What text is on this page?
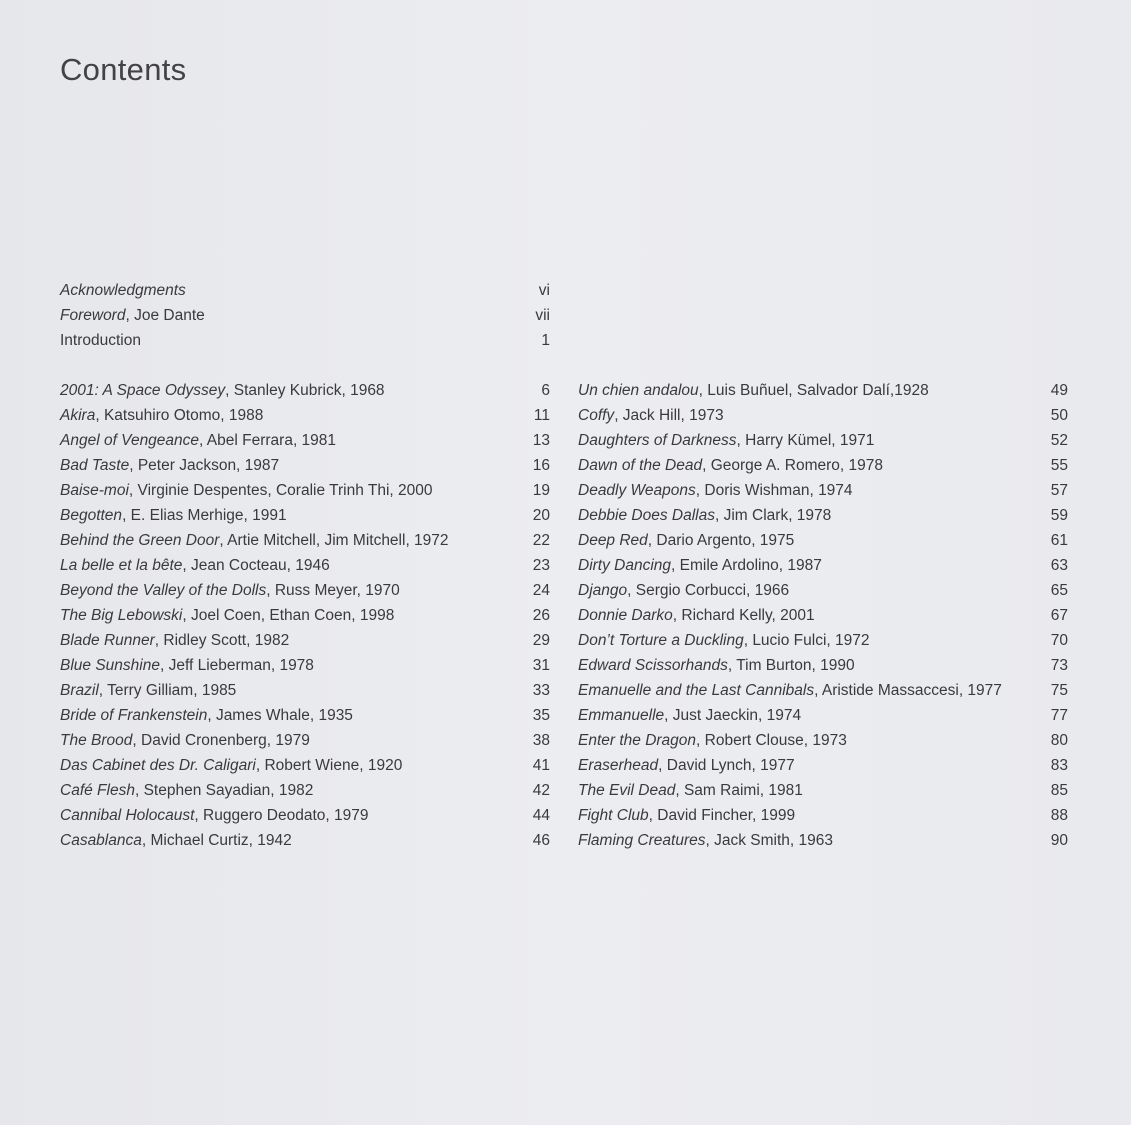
Contents
Acknowledgments	vi
Foreword , Joe Dante	vii
Introduction	1
2001: A Space Odyssey , Stanley Kubrick, 1968	6
Akira , Katsuhiro Otomo, 1988	11
Angel of Vengeance , Abel Ferrara, 1981	13
Bad Taste , Peter Jackson, 1987	16
Baise-moi , Virginie Despentes, Coralie Trinh Thi, 2000	19
Begotten , E. Elias Merhige, 1991	20
Behind the Green Door , Artie Mitchell, Jim Mitchell, 1972	22
La belle et la bête , Jean Cocteau, 1946	23
Beyond the Valley of the Dolls , Russ Meyer, 1970	24
The Big Lebowski , Joel Coen, Ethan Coen, 1998	26
Blade Runner , Ridley Scott, 1982	29
Blue Sunshine , Jeff Lieberman, 1978	31
Brazil , Terry Gilliam, 1985	33
Bride of Frankenstein , James Whale, 1935	35
The Brood , David Cronenberg, 1979	38
Das Cabinet des Dr. Caligari , Robert Wiene, 1920	41
Café Flesh , Stephen Sayadian, 1982	42
Cannibal Holocaust , Ruggero Deodato, 1979	44
Casablanca , Michael Curtiz, 1942	46
Un chien andalou , Luis Buñuel, Salvador Dalí,1928	49
Coffy , Jack Hill, 1973	50
Daughters of Darkness , Harry Kümel, 1971	52
Dawn of the Dead , George A. Romero, 1978	55
Deadly Weapons , Doris Wishman, 1974	57
Debbie Does Dallas , Jim Clark, 1978	59
Deep Red , Dario Argento, 1975	61
Dirty Dancing , Emile Ardolino, 1987	63
Django , Sergio Corbucci, 1966	65
Donnie Darko , Richard Kelly, 2001	67
Don’t Torture a Duckling , Lucio Fulci, 1972	70
Edward Scissorhands , Tim Burton, 1990	73
Emanuelle and the Last Cannibals , Aristide Massaccesi, 1977	75
Emmanuelle , Just Jaeckin, 1974	77
Enter the Dragon , Robert Clouse, 1973	80
Eraserhead , David Lynch, 1977	83
The Evil Dead , Sam Raimi, 1981	85
Fight Club , David Fincher, 1999	88
Flaming Creatures , Jack Smith, 1963	90
